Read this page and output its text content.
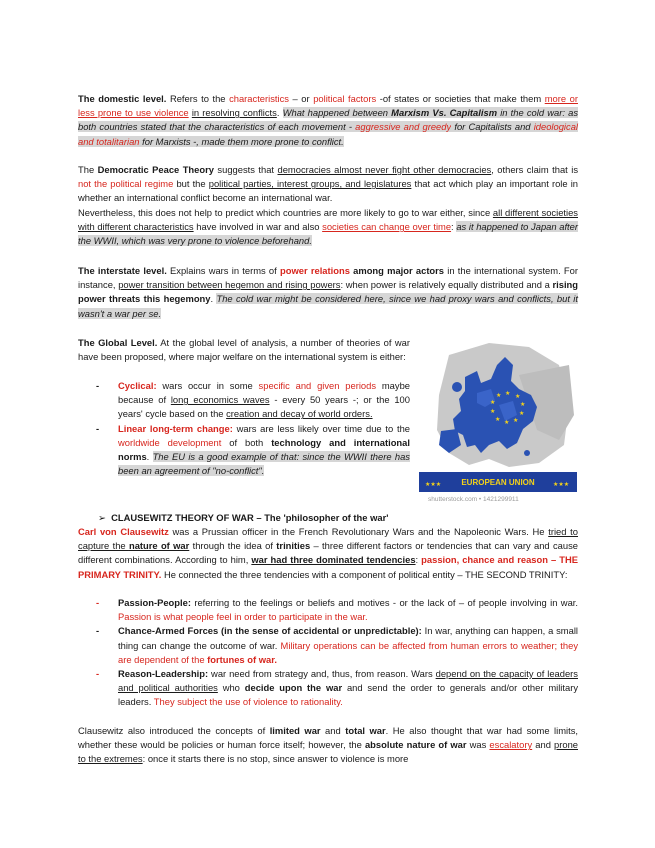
The domestic level. Refers to the characteristics – or political factors -of states or societies that make them more or less prone to use violence in resolving conflicts. What happened between Marxism Vs. Capitalism in the cold war: as both countries stated that the characteristics of each movement - aggressive and greedy for Capitalists and ideological and totalitarian for Marxists -, made them more prone to conflict.

The Democratic Peace Theory suggests that democracies almost never fight other democracies, others claim that is not the political regime but the political parties, interest groups, and legislatures that act which play an important role in whether an international conflict become an international war.

Nevertheless, this does not help to predict which countries are more likely to go to war either, since all different societies with different characteristics have involved in war and also societies can change over time: as it happened to Japan after the WWII, which was very prone to violence beforehand.

The interstate level. Explains wars in terms of power relations among major actors in the international system. For instance, power transition between hegemon and rising powers: when power is relatively equally distributed and a rising power threats this hegemony. The cold war might be considered here, since we had proxy wars and conflicts, but it wasn't a war per se.

The Global Level. At the global level of analysis, a number of theories of war have been proposed, where major welfare on the international system is either:

- Cyclical: wars occur in some specific and given periods maybe because of long economics waves - every 50 years -; or the 100 years' cycle based on the creation and decay of world orders.
- Linear long-term change: wars are less likely over time due to the worldwide development of both technology and international norms. The EU is a good example of that: since the WWII there has been an agreement of "no-conflict".

➢ CLAUSEWITZ THEORY OF WAR – The 'philosopher of the war'

Carl von Clausewitz was a Prussian officer in the French Revolutionary Wars and the Napoleonic Wars. He tried to capture the nature of war through the idea of trinities – three different factors or tendencies that can vary and cause different combinations. According to him, war had three dominated tendencies: passion, chance and reason – THE PRIMARY TRINITY. He connected the three tendencies with a component of political entity – THE SECOND TRINITY:

- Passion-People: referring to the feelings or beliefs and motives - or the lack of – of people involving in war. Passion is what people feel in order to participate in the war.
- Chance-Armed Forces (in the sense of accidental or unpredictable): In war, anything can happen, a small thing can change the outcome of war. Military operations can be affected from human errors to weather; they are dependent of the fortunes of war.
- Reason-Leadership: war need from strategy and, thus, from reason. Wars depend on the capacity of leaders and political authorities who decide upon the war and send the order to generals and/or other military leaders. They subject the use of violence to rationality.

Clausewitz also introduced the concepts of limited war and total war. He also thought that war had some limits, whether these would be policies or human force itself; however, the absolute nature of war was escalatory and prone to the extremes: once it starts there is no stop, since answer to violence is more

★ ★
★
★
★
★
★
★
★
★
★★★	★★★
EUROPEAN UNION
shutterstock.com • 1421299911
